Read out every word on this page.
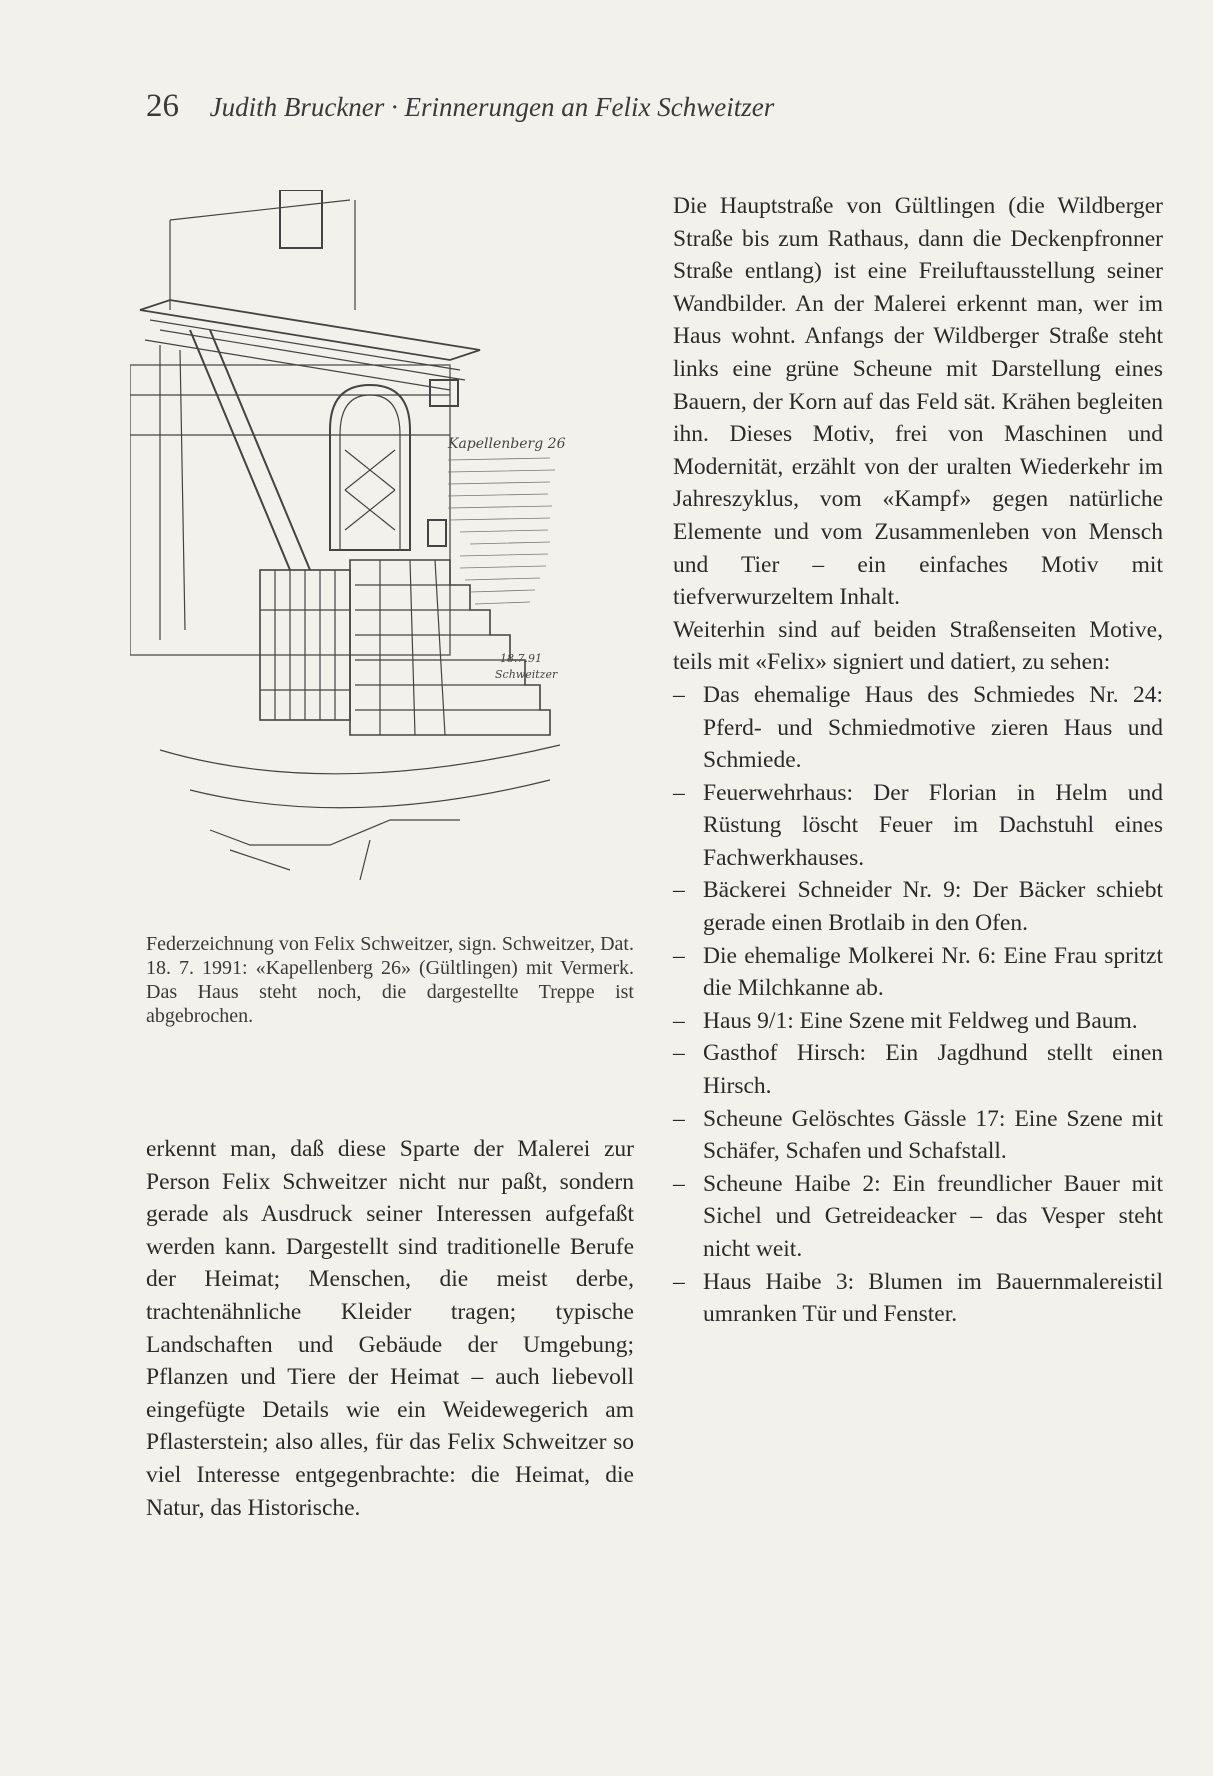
26 Judith Bruckner · Erinnerungen an Felix Schweitzer
Kapellenberg 26
18.7.91
Schweitzer
Federzeichnung von Felix Schweitzer, sign. Schweitzer, Dat. 18. 7. 1991: «Kapellenberg 26» (Gültlingen) mit Vermerk. Das Haus steht noch, die dargestellte Treppe ist abgebrochen.

erkennt man, daß diese Sparte der Malerei zur Person Felix Schweitzer nicht nur paßt, sondern gerade als Ausdruck seiner Interessen aufgefaßt werden kann. Dargestellt sind traditionelle Berufe der Heimat; Menschen, die meist derbe, trachtenähnliche Kleider tragen; typische Landschaften und Gebäude der Umgebung; Pflanzen und Tiere der Heimat – auch liebevoll eingefügte Details wie ein Weidewegerich am Pflasterstein; also alles, für das Felix Schweitzer so viel Interesse entgegenbrachte: die Heimat, die Natur, das Historische.

Die Hauptstraße von Gültlingen (die Wildberger Straße bis zum Rathaus, dann die Deckenpfronner Straße entlang) ist eine Freiluftausstellung seiner Wandbilder. An der Malerei erkennt man, wer im Haus wohnt. Anfangs der Wildberger Straße steht links eine grüne Scheune mit Darstellung eines Bauern, der Korn auf das Feld sät. Krähen begleiten ihn. Dieses Motiv, frei von Maschinen und Modernität, erzählt von der uralten Wiederkehr im Jahreszyklus, vom «Kampf» gegen natürliche Elemente und vom Zusammenleben von Mensch und Tier – ein einfaches Motiv mit tiefverwurzeltem Inhalt.

Weiterhin sind auf beiden Straßenseiten Motive, teils mit «Felix» signiert und datiert, zu sehen:

– Das ehemalige Haus des Schmiedes Nr. 24: Pferd- und Schmiedmotive zieren Haus und Schmiede.
– Feuerwehrhaus: Der Florian in Helm und Rüstung löscht Feuer im Dachstuhl eines Fachwerkhauses.
– Bäckerei Schneider Nr. 9: Der Bäcker schiebt gerade einen Brotlaib in den Ofen.
– Die ehemalige Molkerei Nr. 6: Eine Frau spritzt die Milchkanne ab.
– Haus 9/1: Eine Szene mit Feldweg und Baum.
– Gasthof Hirsch: Ein Jagdhund stellt einen Hirsch.
– Scheune Gelöschtes Gässle 17: Eine Szene mit Schäfer, Schafen und Schafstall.
– Scheune Haibe 2: Ein freundlicher Bauer mit Sichel und Getreideacker – das Vesper steht nicht weit.
– Haus Haibe 3: Blumen im Bauernmalereistil umranken Tür und Fenster.
